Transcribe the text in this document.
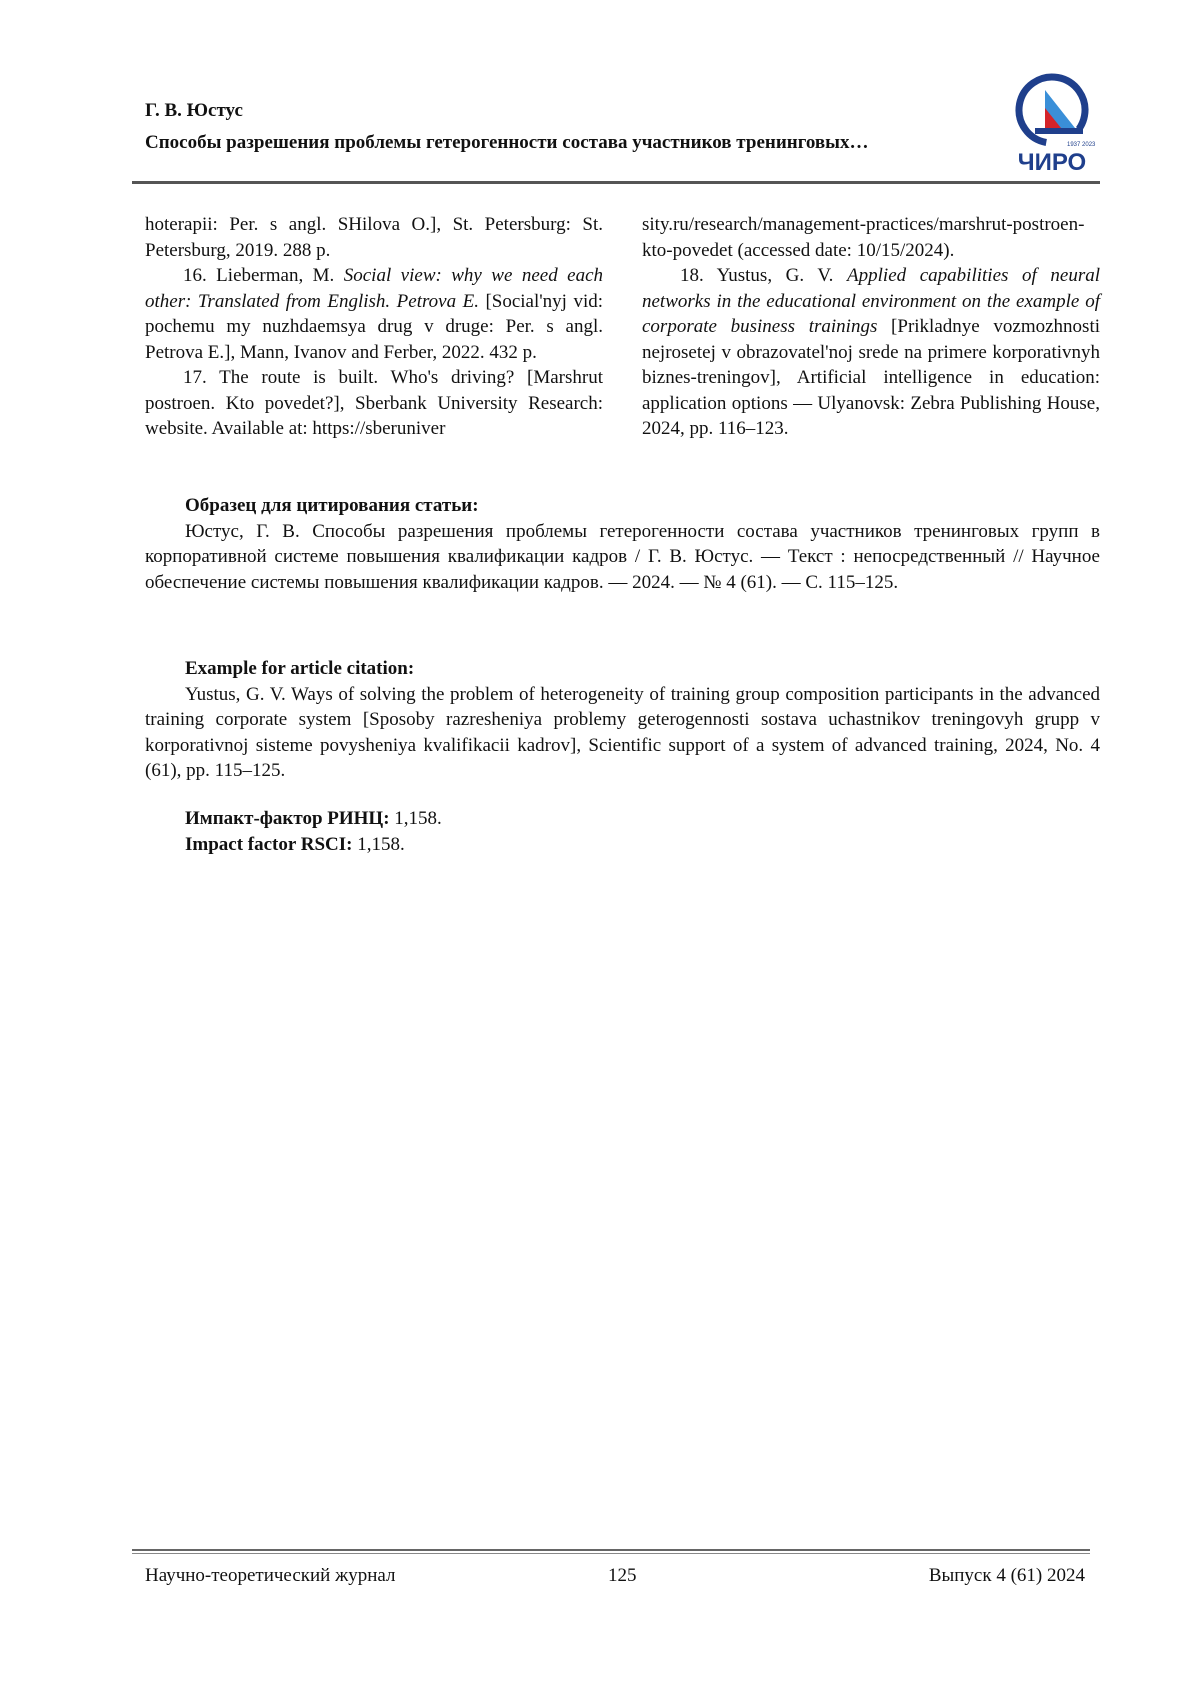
Г. В. Юстус
Способы разрешения проблемы гетерогенности состава участников тренинговых…	1937 2023
ЧИРО

hoterapii: Per. s angl. SHilova O.], St. Petersburg: St. Petersburg, 2019. 288 p.

16. Lieberman, M. Social view: why we need each other: Translated from English. Petrova E. [Social'nyj vid: pochemu my nuzhdaemsya drug v druge: Per. s angl. Petrova E.], Mann, Ivanov and Ferber, 2022. 432 p.

17. The route is built. Who's driving? [Marshrut postroen. Kto povedet?], Sberbank University Research: website. Available at: https://sberuniver

sity.ru/research/management-practices/marshrut-postroen-kto-povedet (accessed date: 10/15/2024).

18. Yustus, G. V. Applied capabilities of neural networks in the educational environment on the example of corporate business trainings [Prikladnye vozmozhnosti nejrosetej v obrazovatel'noj srede na primere korporativnyh biznes-treningov], Artificial intelligence in education: application options — Ulyanovsk: Zebra Publishing House, 2024, pp. 116–123.

Образец для цитирования статьи:

Юстус, Г. В. Способы разрешения проблемы гетерогенности состава участников тренинговых групп в корпоративной системе повышения квалификации кадров / Г. В. Юстус. — Текст : непосредственный // Научное обеспечение системы повышения квалификации кадров. — 2024. — № 4 (61). — С. 115–125.

Example for article citation:

Yustus, G. V. Ways of solving the problem of heterogeneity of training group composition participants in the advanced training corporate system [Sposoby razresheniya problemy geterogennosti sostava uchastnikov treningovyh grupp v korporativnoj sisteme povysheniya kvalifikacii kadrov], Scientific support of a system of advanced training, 2024, No. 4 (61), pp. 115–125.

Импакт-фактор РИНЦ: 1,158.

Impact factor RSCI: 1,158.

Научно-теоретический журнал	125	Выпуск 4 (61) 2024
